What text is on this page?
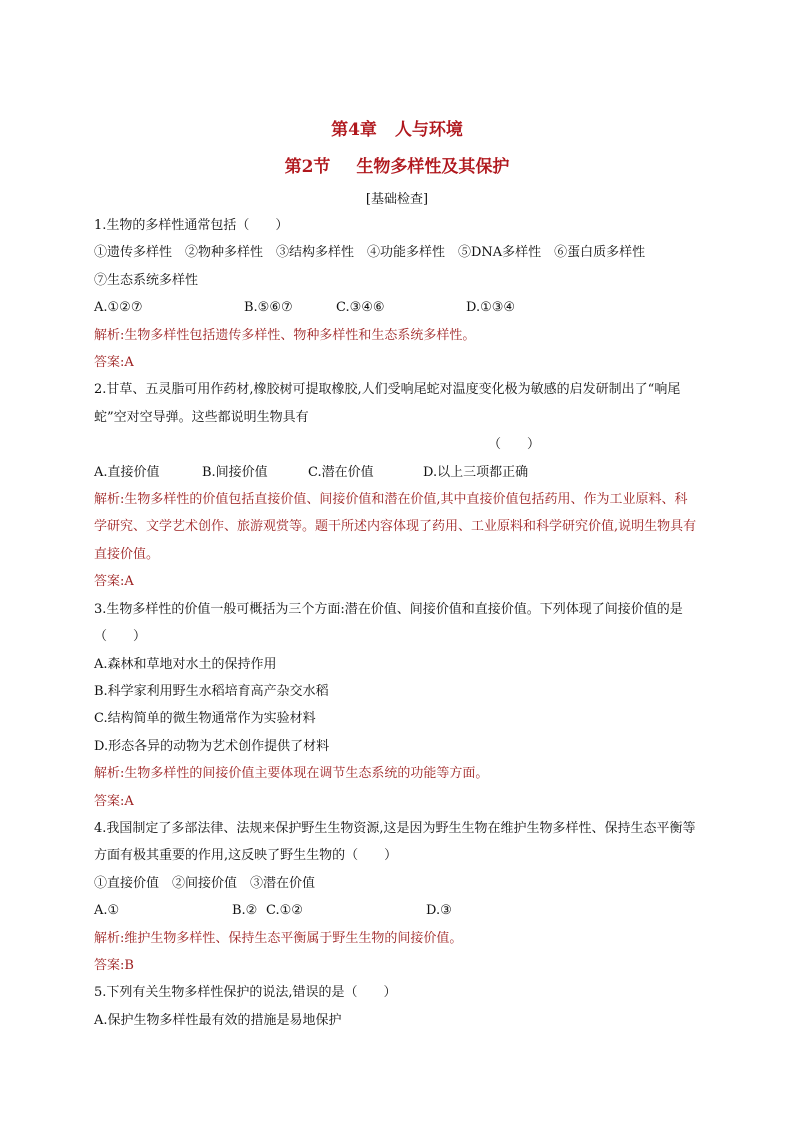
第4章 人与环境
第2节 生物多样性及其保护
[基础检查]
1.生物的多样性通常包括（　　）
①遗传多样性　②物种多样性　③结构多样性　④功能多样性　⑤DNA多样性　⑥蛋白质多样性
⑦生态系统多样性
A.①②⑦	B.⑤⑥⑦	C.③④⑥	D.①③④
解析:生物多样性包括遗传多样性、物种多样性和生态系统多样性。
答案:A
2.甘草、五灵脂可用作药材,橡胶树可提取橡胶,人们受响尾蛇对温度变化极为敏感的启发研制出了“响尾蛇”空对空导弹。这些都说明生物具有
（　　）
A.直接价值	B.间接价值	C.潜在价值	D.以上三项都正确
解析:生物多样性的价值包括直接价值、间接价值和潜在价值,其中直接价值包括药用、作为工业原料、科学研究、文学艺术创作、旅游观赏等。题干所述内容体现了药用、工业原料和科学研究价值,说明生物具有直接价值。
答案:A
3.生物多样性的价值一般可概括为三个方面:潜在价值、间接价值和直接价值。下列体现了间接价值的是（　　）
A.森林和草地对水土的保持作用
B.科学家利用野生水稻培育高产杂交水稻
C.结构简单的微生物通常作为实验材料
D.形态各异的动物为艺术创作提供了材料
解析:生物多样性的间接价值主要体现在调节生态系统的功能等方面。
答案:A
4.我国制定了多部法律、法规来保护野生生物资源,这是因为野生生物在维护生物多样性、保持生态平衡等方面有极其重要的作用,这反映了野生生物的（　　）
①直接价值　②间接价值　③潜在价值
A.①	B.② C.①②	D.③
解析:维护生物多样性、保持生态平衡属于野生生物的间接价值。
答案:B
5.下列有关生物多样性保护的说法,错误的是（　　）
A.保护生物多样性最有效的措施是易地保护
